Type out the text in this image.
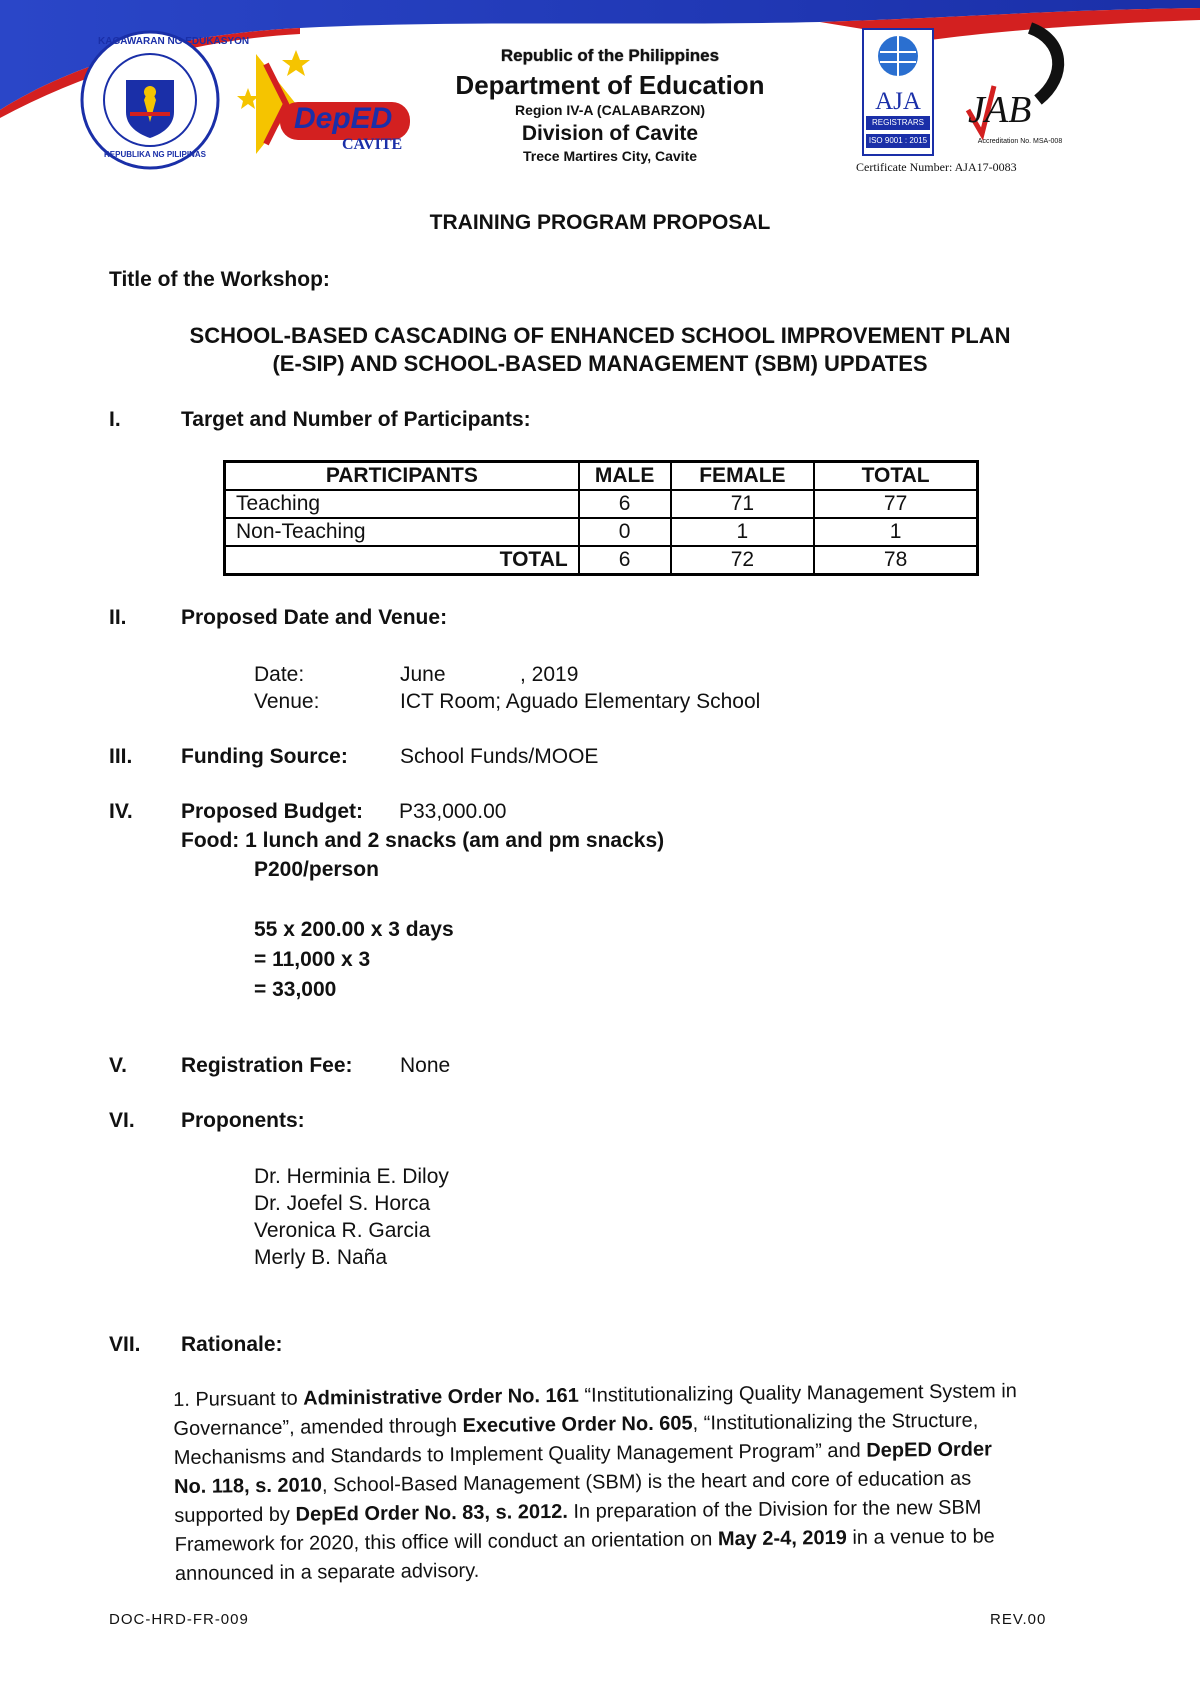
KAGAWARAN NG EDUKASYON
REPUBLIKA NG PILIPINAS
DepED
CAVITE
Republic of the Philippines
Department of Education
Region IV-A (CALABARZON)
Division of Cavite
Trece Martires City, Cavite
AJA
REGISTRARS
ISO 9001 : 2015
JAB
Accreditation No. MSA-008
Certificate Number: AJA17-0083
TRAINING PROGRAM PROPOSAL
Title of the Workshop:
SCHOOL-BASED CASCADING OF ENHANCED SCHOOL IMPROVEMENT PLAN
(E-SIP) AND SCHOOL-BASED MANAGEMENT (SBM) UPDATES
I.	Target and Number of Participants:
PARTICIPANTS	MALE	FEMALE	TOTAL
Teaching	6	71	77
Non-Teaching	0	1	1
TOTAL	6	72	78
II.	Proposed Date and Venue:
Date:	June	, 2019
Venue:	ICT Room; Aguado Elementary School
III. Funding Source: School Funds/MOOE
IV. Proposed Budget: P33,000.00
Food: 1 lunch and 2 snacks (am and pm snacks)
P200/person
55 x 200.00 x 3 days
= 11,000 x 3
= 33,000
V.	Registration Fee: None
VI. Proponents:
Dr. Herminia E. Diloy
Dr. Joefel S. Horca
Veronica R. Garcia
Merly B. Naña
VII. Rationale:
1. Pursuant to Administrative Order No. 161 “Institutionalizing Quality Management System in Governance”, amended through Executive Order No. 605, “Institutionalizing the Structure, Mechanisms and Standards to Implement Quality Management Program” and DepED Order No. 118, s. 2010, School-Based Management (SBM) is the heart and core of education as supported by DepEd Order No. 83, s. 2012. In preparation of the Division for the new SBM Framework for 2020, this office will conduct an orientation on May 2-4, 2019 in a venue to be announced in a separate advisory.
DOC-HRD-FR-009	REV.00
